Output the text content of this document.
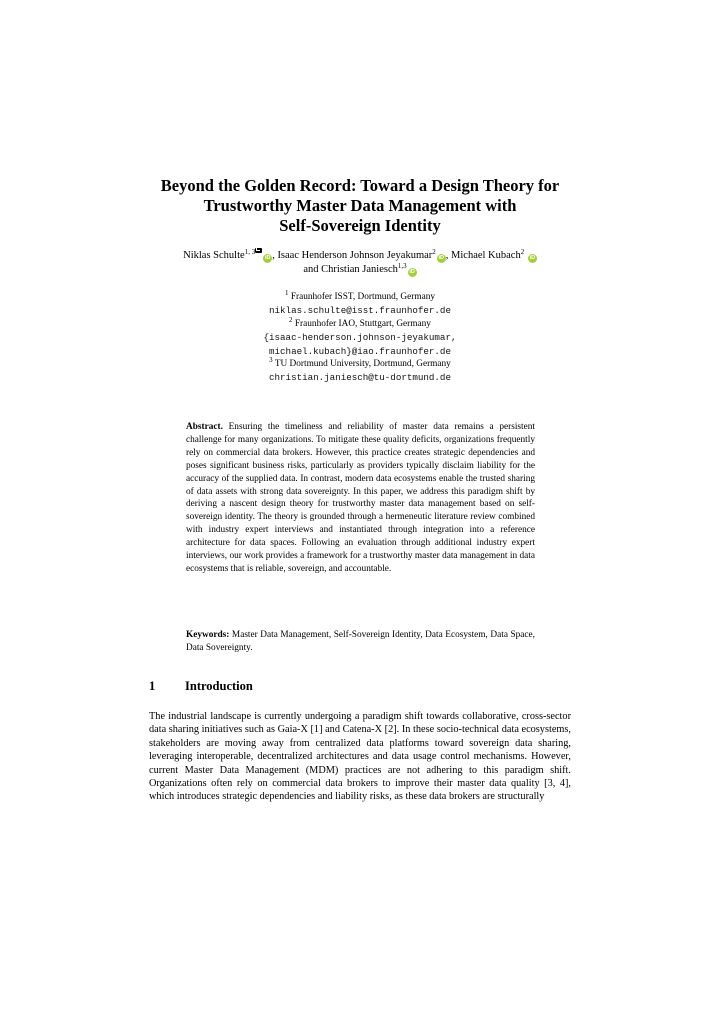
Beyond the Golden Record: Toward a Design Theory for
Trustworthy Master Data Management with
Self-Sovereign Identity
Niklas Schulte$^{1, 3}$iD , Isaac Henderson Johnson Jeyakumar$^2$iD , Michael Kubach$^2$ iD
and Christian Janiesch$^{1,3}$iD
$^1$ Fraunhofer ISST, Dortmund, Germany
niklas.schulte@isst.fraunhofer.de
$^2$ Fraunhofer IAO, Stuttgart, Germany
{isaac-henderson.johnson-jeyakumar,
michael.kubach}@iao.fraunhofer.de
$^3$ TU Dortmund University, Dortmund, Germany
christian.janiesch@tu-dortmund.de
Abstract. Ensuring the timeliness and reliability of master data remains a persistent challenge for many organizations. To mitigate these quality deficits, organizations frequently rely on commercial data brokers. However, this practice creates strategic dependencies and poses significant business risks, particularly as providers typically disclaim liability for the accuracy of the supplied data. In contrast, modern data ecosystems enable the trusted sharing of data assets with strong data sovereignty. In this paper, we address this paradigm shift by deriving a nascent design theory for trustworthy master data management based on self-sovereign identity. The theory is grounded through a hermeneutic literature review combined with industry expert interviews and instantiated through integration into a reference architecture for data spaces. Following an evaluation through additional industry expert interviews, our work provides a framework for a trustworthy master data management in data ecosystems that is reliable, sovereign, and accountable.
Keywords: Master Data Management, Self-Sovereign Identity, Data Ecosystem, Data Space, Data Sovereignty.
1 Introduction
The industrial landscape is currently undergoing a paradigm shift towards collaborative, cross-sector data sharing initiatives such as Gaia-X [1] and Catena-X [2]. In these socio-technical data ecosystems, stakeholders are moving away from centralized data platforms toward sovereign data sharing, leveraging interoperable, decentralized architectures and data usage control mechanisms. However, current Master Data Management (MDM) practices are not adhering to this paradigm shift. Organizations often rely on commercial data brokers to improve their master data quality [3, 4], which introduces strategic dependencies and liability risks, as these data brokers are structurally
